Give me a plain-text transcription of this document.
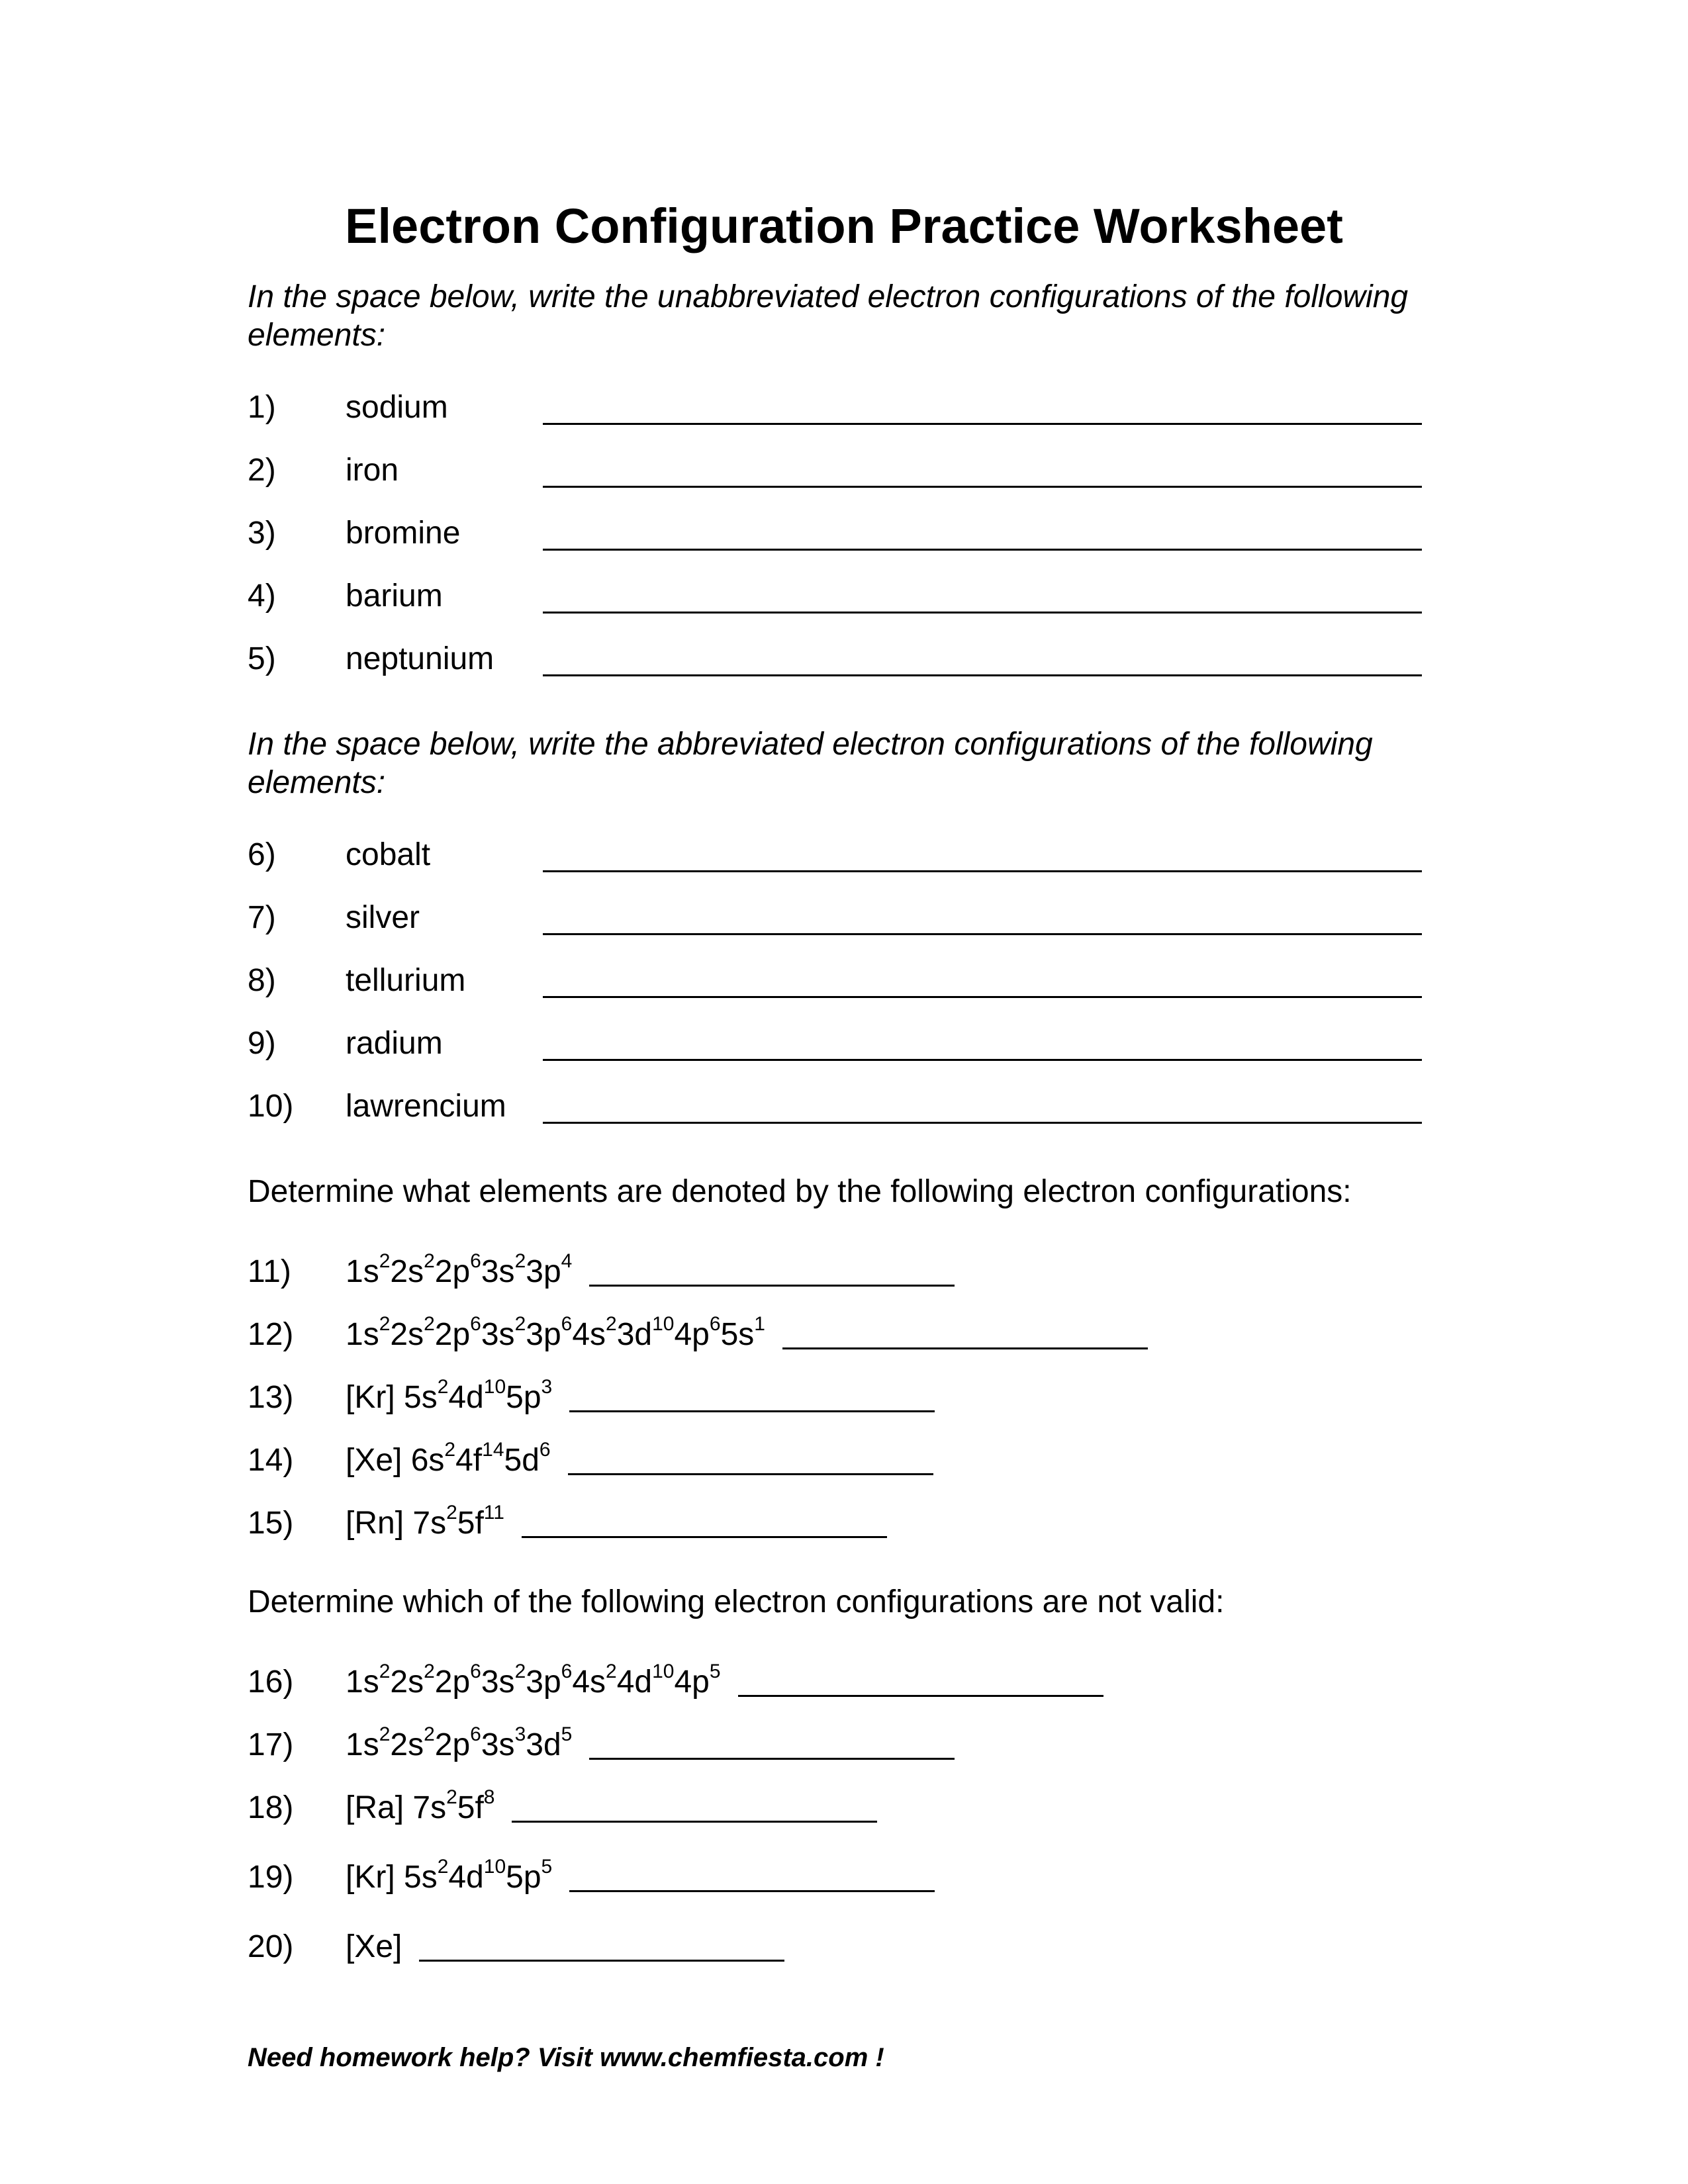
Electron Configuration Practice Worksheet
In the space below, write the unabbreviated electron configurations of the following elements:
1) sodium
2) iron
3) bromine
4) barium
5) neptunium
In the space below, write the abbreviated electron configurations of the following elements:
6) cobalt
7) silver
8) tellurium
9) radium
10) lawrencium
Determine what elements are denoted by the following electron configurations:
11) $1s^22s^22p^63s^23p^4$
12) $1s^22s^22p^63s^23p^64s^23d^{10}4p^65s^1$
13) [Kr] $5s^24d^{10}5p^3$
14) [Xe] $6s^24f^{14}5d^6$
15) [Rn] $7s^25f^{11}$
Determine which of the following electron configurations are not valid:
16) $1s^22s^22p^63s^23p^64s^24d^{10}4p^5$
17) $1s^22s^22p^63s^33d^5$
18) [Ra] $7s^25f^8$
19) [Kr] $5s^24d^{10}5p^5$
20) [Xe]
Need homework help? Visit www.chemfiesta.com !
